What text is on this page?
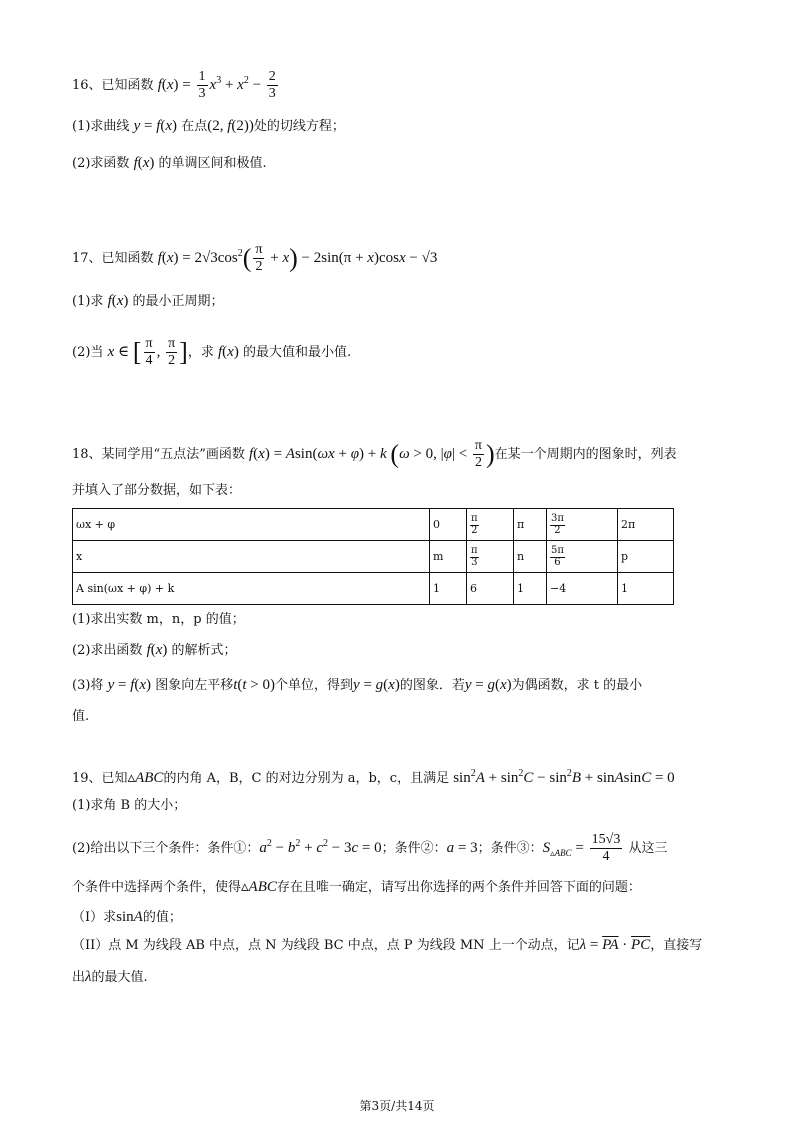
16、已知函数 $f(x) = \frac{1}{3} x^3 + x^2 - \frac{2}{3}$
(1)求曲线 y = f(x) 在点(2, f(2))处的切线方程；
(2)求函数 f(x) 的单调区间和极值.
17、已知函数 $f(x) = 2√3\cos^2( \frac{\pi}{2} + x) - 2\sin(\pi + x)\cos x - √3$
(1)求 f(x) 的最小正周期；
(2)当 x ∈ [ $\frac{\pi}{4}$ , $\frac{\pi}{2}$ ]，求 f(x) 的最大值和最小值.
18、某同学用“五点法”画函数 f(x) = Asin(ωx + φ) + k (ω > 0, $|\varphi| < \frac{\pi}{2}$ )在某一个周期内的图象时，列表
并填入了部分数据，如下表：
ωx + φ	0	$\frac{\pi}{2}$	π	$\frac{3\pi}{2}$	2π
x	m	$\frac{\pi}{3}$	n	$\frac{5\pi}{6}$	p
A sin(ωx + φ) + k	1	6	1	−4	1
(1)求出实数 m，n，p 的值；
(2)求出函数 f(x) 的解析式；
(3)将 y = f(x) 图象向左平移t(t > 0)个单位，得到y = g(x)的图象．若y = g(x)为偶函数，求 t 的最小
值.
19、已知▵ABC的内角 A，B，C 的对边分别为 a，b，c，且满足 $\sin^2A + \sin^2C - \sin^2B$ + sinAsinC = 0
(1)求角 B 的大小；
(2)给出以下三个条件：条件①：$a^2 - b^2 + c^2 - 3c = 0$；条件②：a = 3；条件③：$S_{▵ABC} = \frac{15√3}{4}$ 从这三
个条件中选择两个条件，使得▵ABC存在且唯一确定，请写出你选择的两个条件并回答下面的问题：
（I）求sinA的值；
（II）点 M 为线段 AB 中点，点 N 为线段 BC 中点，点 P 为线段 MN 上一个动点，记$\lambda = \overline{PA} \cdot \overline{PC}$，直接写
出λ的最大值.
第3页/共14页
